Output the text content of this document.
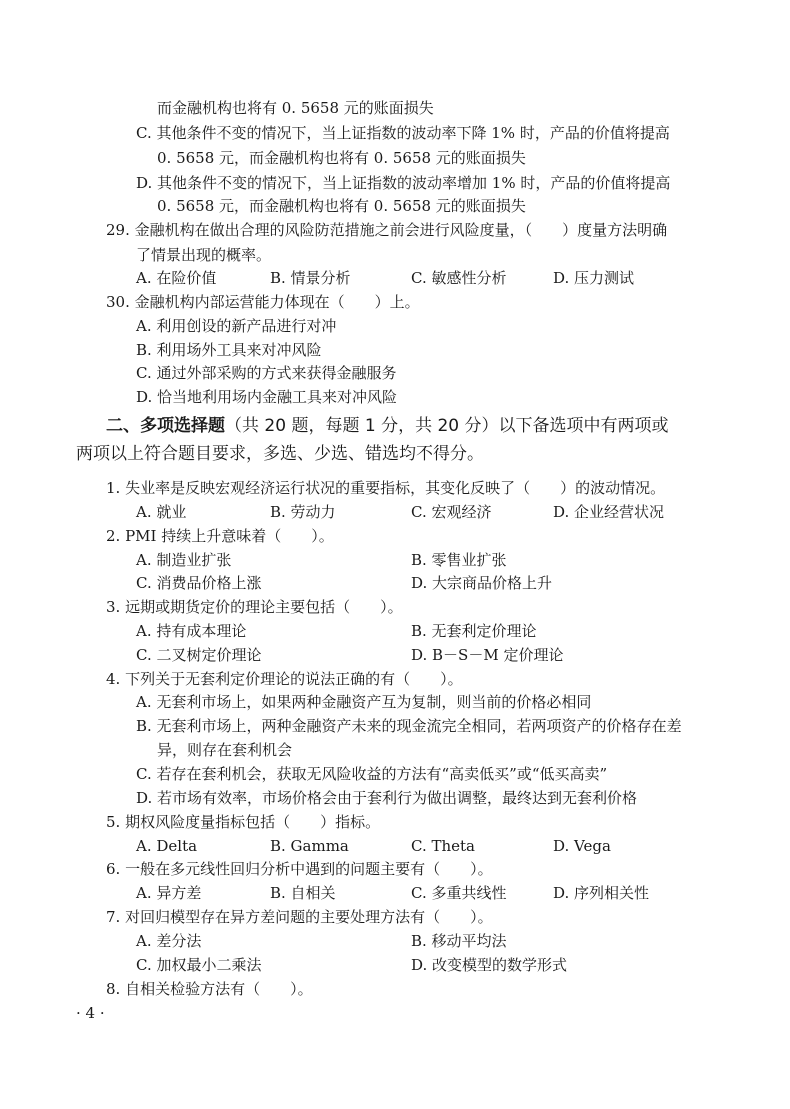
而金融机构也将有 0. 5658 元的账面损失
C. 其他条件不变的情况下，当上证指数的波动率下降 1% 时，产品的价值将提高
0. 5658 元，而金融机构也将有 0. 5658 元的账面损失
D. 其他条件不变的情况下，当上证指数的波动率增加 1% 时，产品的价值将提高
0. 5658 元，而金融机构也将有 0. 5658 元的账面损失
29. 金融机构在做出合理的风险防范措施之前会进行风险度量，（　　）度量方法明确
了情景出现的概率。
A. 在险价值	B. 情景分析	C. 敏感性分析	D. 压力测试
30. 金融机构内部运营能力体现在（　　）上。
A. 利用创设的新产品进行对冲
B. 利用场外工具来对冲风险
C. 通过外部采购的方式来获得金融服务
D. 恰当地利用场内金融工具来对冲风险
二、多项选择题（共 20 题，每题 1 分，共 20 分）以下备选项中有两项或
两项以上符合题目要求，多选、少选、错选均不得分。
1. 失业率是反映宏观经济运行状况的重要指标，其变化反映了（　　）的波动情况。
A. 就业	B. 劳动力	C. 宏观经济	D. 企业经营状况
2. PMI 持续上升意味着（　　）。
A. 制造业扩张	B. 零售业扩张
C. 消费品价格上涨	D. 大宗商品价格上升
3. 远期或期货定价的理论主要包括（　　）。
A. 持有成本理论	B. 无套利定价理论
C. 二叉树定价理论	D. B－S－M 定价理论
4. 下列关于无套利定价理论的说法正确的有（　　）。
A. 无套利市场上，如果两种金融资产互为复制，则当前的价格必相同
B. 无套利市场上，两种金融资产未来的现金流完全相同，若两项资产的价格存在差
异，则存在套利机会
C. 若存在套利机会，获取无风险收益的方法有“高卖低买”或“低买高卖”
D. 若市场有效率，市场价格会由于套利行为做出调整，最终达到无套利价格
5. 期权风险度量指标包括（　　）指标。
A. Delta	B. Gamma	C. Theta	D. Vega
6. 一般在多元线性回归分析中遇到的问题主要有（　　）。
A. 异方差	B. 自相关	C. 多重共线性	D. 序列相关性
7. 对回归模型存在异方差问题的主要处理方法有（　　）。
A. 差分法	B. 移动平均法
C. 加权最小二乘法	D. 改变模型的数学形式
8. 自相关检验方法有（　　）。
· 4 ·
